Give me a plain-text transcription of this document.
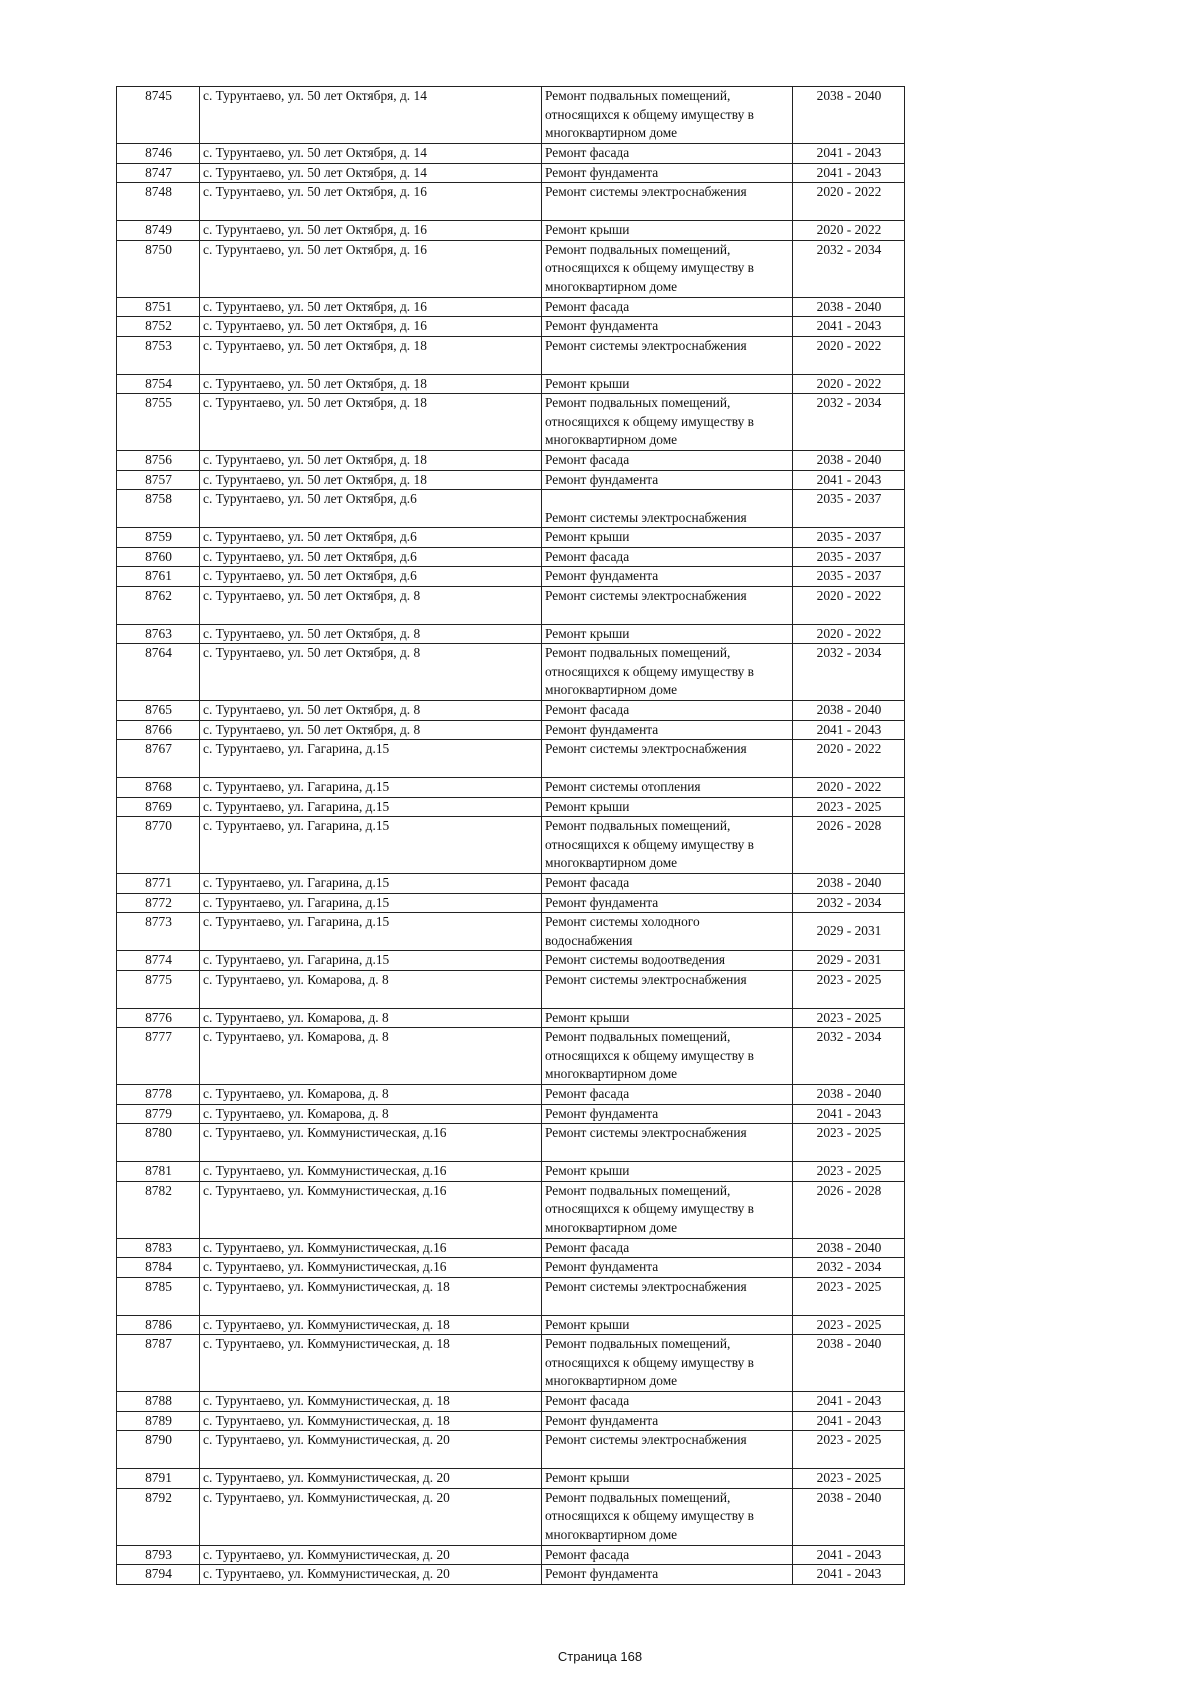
8745	с. Турунтаево, ул. 50 лет Октября, д. 14	Ремонт подвальных помещений, относящихся к общему имуществу в многоквартирном доме	2038 - 2040
8746	с. Турунтаево, ул. 50 лет Октября, д. 14	Ремонт фасада	2041 - 2043
8747	с. Турунтаево, ул. 50 лет Октября, д. 14	Ремонт фундамента	2041 - 2043
8748	с. Турунтаево, ул. 50 лет Октября, д. 16	Ремонт системы электроснабжения	2020 - 2022
8749	с. Турунтаево, ул. 50 лет Октября, д. 16	Ремонт крыши	2020 - 2022
8750	с. Турунтаево, ул. 50 лет Октября, д. 16	Ремонт подвальных помещений, относящихся к общему имуществу в многоквартирном доме	2032 - 2034
8751	с. Турунтаево, ул. 50 лет Октября, д. 16	Ремонт фасада	2038 - 2040
8752	с. Турунтаево, ул. 50 лет Октября, д. 16	Ремонт фундамента	2041 - 2043
8753	с. Турунтаево, ул. 50 лет Октября, д. 18	Ремонт системы электроснабжения	2020 - 2022
8754	с. Турунтаево, ул. 50 лет Октября, д. 18	Ремонт крыши	2020 - 2022
8755	с. Турунтаево, ул. 50 лет Октября, д. 18	Ремонт подвальных помещений, относящихся к общему имуществу в многоквартирном доме	2032 - 2034
8756	с. Турунтаево, ул. 50 лет Октября, д. 18	Ремонт фасада	2038 - 2040
8757	с. Турунтаево, ул. 50 лет Октября, д. 18	Ремонт фундамента	2041 - 2043
8758	с. Турунтаево, ул. 50 лет Октября, д.6	Ремонт системы электроснабжения	2035 - 2037
8759	с. Турунтаево, ул. 50 лет Октября, д.6	Ремонт крыши	2035 - 2037
8760	с. Турунтаево, ул. 50 лет Октября, д.6	Ремонт фасада	2035 - 2037
8761	с. Турунтаево, ул. 50 лет Октября, д.6	Ремонт фундамента	2035 - 2037
8762	с. Турунтаево, ул. 50 лет Октября, д. 8	Ремонт системы электроснабжения	2020 - 2022
8763	с. Турунтаево, ул. 50 лет Октября, д. 8	Ремонт крыши	2020 - 2022
8764	с. Турунтаево, ул. 50 лет Октября, д. 8	Ремонт подвальных помещений, относящихся к общему имуществу в многоквартирном доме	2032 - 2034
8765	с. Турунтаево, ул. 50 лет Октября, д. 8	Ремонт фасада	2038 - 2040
8766	с. Турунтаево, ул. 50 лет Октября, д. 8	Ремонт фундамента	2041 - 2043
8767	с. Турунтаево, ул. Гагарина, д.15	Ремонт системы электроснабжения	2020 - 2022
8768	с. Турунтаево, ул. Гагарина, д.15	Ремонт системы отопления	2020 - 2022
8769	с. Турунтаево, ул. Гагарина, д.15	Ремонт крыши	2023 - 2025
8770	с. Турунтаево, ул. Гагарина, д.15	Ремонт подвальных помещений, относящихся к общему имуществу в многоквартирном доме	2026 - 2028
8771	с. Турунтаево, ул. Гагарина, д.15	Ремонт фасада	2038 - 2040
8772	с. Турунтаево, ул. Гагарина, д.15	Ремонт фундамента	2032 - 2034
8773	с. Турунтаево, ул. Гагарина, д.15	Ремонт системы холодного водоснабжения	2029 - 2031
8774	с. Турунтаево, ул. Гагарина, д.15	Ремонт системы водоотведения	2029 - 2031
8775	с. Турунтаево, ул. Комарова, д. 8	Ремонт системы электроснабжения	2023 - 2025
8776	с. Турунтаево, ул. Комарова, д. 8	Ремонт крыши	2023 - 2025
8777	с. Турунтаево, ул. Комарова, д. 8	Ремонт подвальных помещений, относящихся к общему имуществу в многоквартирном доме	2032 - 2034
8778	с. Турунтаево, ул. Комарова, д. 8	Ремонт фасада	2038 - 2040
8779	с. Турунтаево, ул. Комарова, д. 8	Ремонт фундамента	2041 - 2043
8780	с. Турунтаево, ул. Коммунистическая, д.16	Ремонт системы электроснабжения	2023 - 2025
8781	с. Турунтаево, ул. Коммунистическая, д.16	Ремонт крыши	2023 - 2025
8782	с. Турунтаево, ул. Коммунистическая, д.16	Ремонт подвальных помещений, относящихся к общему имуществу в многоквартирном доме	2026 - 2028
8783	с. Турунтаево, ул. Коммунистическая, д.16	Ремонт фасада	2038 - 2040
8784	с. Турунтаево, ул. Коммунистическая, д.16	Ремонт фундамента	2032 - 2034
8785	с. Турунтаево, ул. Коммунистическая, д. 18	Ремонт системы электроснабжения	2023 - 2025
8786	с. Турунтаево, ул. Коммунистическая, д. 18	Ремонт крыши	2023 - 2025
8787	с. Турунтаево, ул. Коммунистическая, д. 18	Ремонт подвальных помещений, относящихся к общему имуществу в многоквартирном доме	2038 - 2040
8788	с. Турунтаево, ул. Коммунистическая, д. 18	Ремонт фасада	2041 - 2043
8789	с. Турунтаево, ул. Коммунистическая, д. 18	Ремонт фундамента	2041 - 2043
8790	с. Турунтаево, ул. Коммунистическая, д. 20	Ремонт системы электроснабжения	2023 - 2025
8791	с. Турунтаево, ул. Коммунистическая, д. 20	Ремонт крыши	2023 - 2025
8792	с. Турунтаево, ул. Коммунистическая, д. 20	Ремонт подвальных помещений, относящихся к общему имуществу в многоквартирном доме	2038 - 2040
8793	с. Турунтаево, ул. Коммунистическая, д. 20	Ремонт фасада	2041 - 2043
8794	с. Турунтаево, ул. Коммунистическая, д. 20	Ремонт фундамента	2041 - 2043
Страница 168
